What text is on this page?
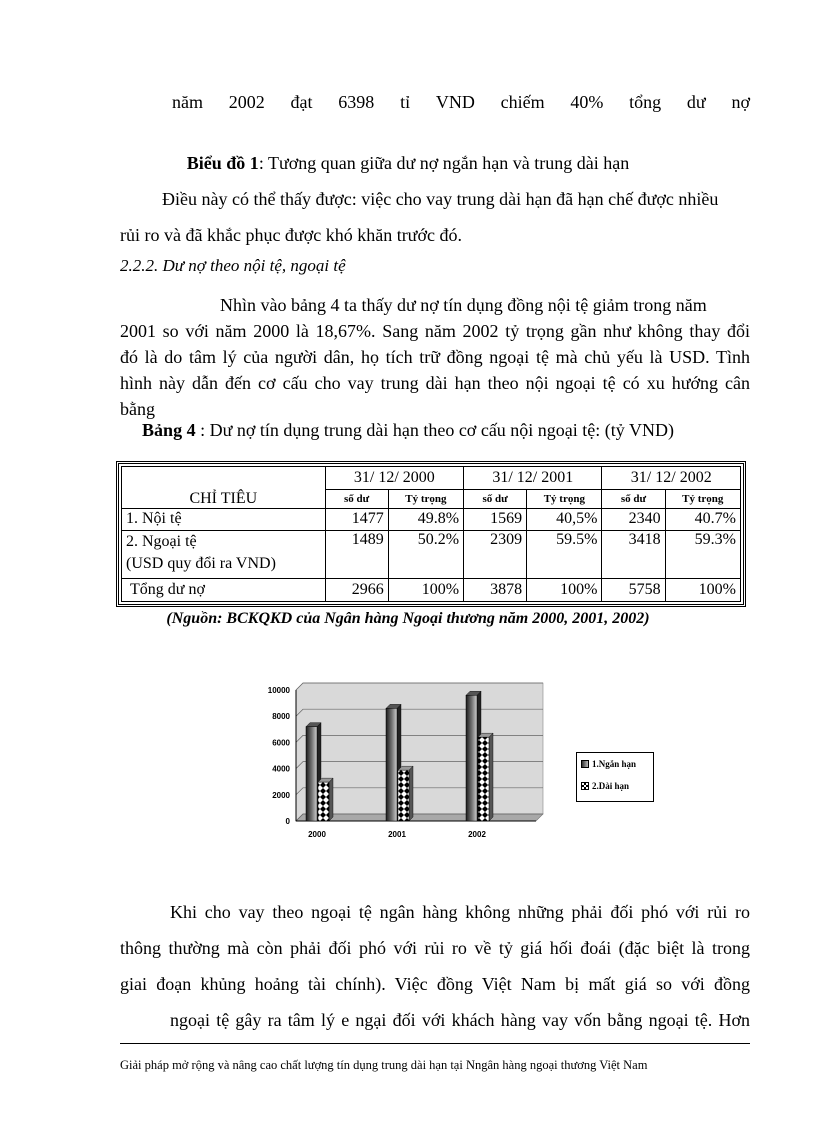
năm 2002 đạt 6398 tỉ VND chiếm 40% tổng dư nợ
Biểu đồ 1: Tương quan giữa dư nợ ngắn hạn và trung dài hạn
Điều này có thể thấy được: việc cho vay trung dài hạn đã hạn chế được nhiều
rủi ro và đã khắc phục được khó khăn trước đó.
2.2.2. Dư nợ theo nội tệ, ngoại tệ
Nhìn vào bảng 4 ta thấy dư nợ tín dụng đồng nội tệ giảm trong năm
2001 so với năm 2000 là 18,67%. Sang năm 2002 tỷ trọng gần như không thay đổi
đó là do tâm lý của người dân, họ tích trữ đồng ngoại tệ mà chủ yếu là USD. Tình
hình này dẫn đến cơ cấu cho vay trung dài hạn theo nội ngoại tệ có xu hướng cân
bằng
Bảng 4 : Dư nợ tín dụng trung dài hạn theo cơ cấu nội ngoại tệ: (tỷ VND)
CHỈ TIÊU	31/ 12/ 2000		31/ 12/ 2001		31/ 12/ 2002	
	số dư	Tỷ trọng	số dư	Tỷ trọng	số dư	Tỷ trọng
1. Nội tệ	1477	49.8%	1569	40,5%	2340	40.7%

2. Ngoại tệ
(USD quy đổi ra VND)	1489	50.2%	2309	59.5%	3418	59.3%
Tổng dư nợ	2966	100%	3878	100%	5758	100%
(Nguồn: BCKQKD của Ngân hàng Ngoại thương năm 2000, 2001, 2002)
0
2000
4000
6000
8000
10000
2000	2001	2002
1.Ngắn hạn
2.Dài hạn
Khi cho vay theo ngoại tệ ngân hàng không những phải đối phó với rủi ro
thông thường mà còn phải đối phó với rủi ro về tỷ giá hối đoái (đặc biệt là trong
giai đoạn khủng hoảng tài chính). Việc đồng Việt Nam bị mất giá so với đồng
ngoại tệ gây ra tâm lý e ngại đối với khách hàng vay vốn bằng ngoại tệ. Hơn
Giải pháp mở rộng và nâng cao chất lượng tín dụng trung dài hạn tại Nngân hàng ngoại thương Việt Nam
